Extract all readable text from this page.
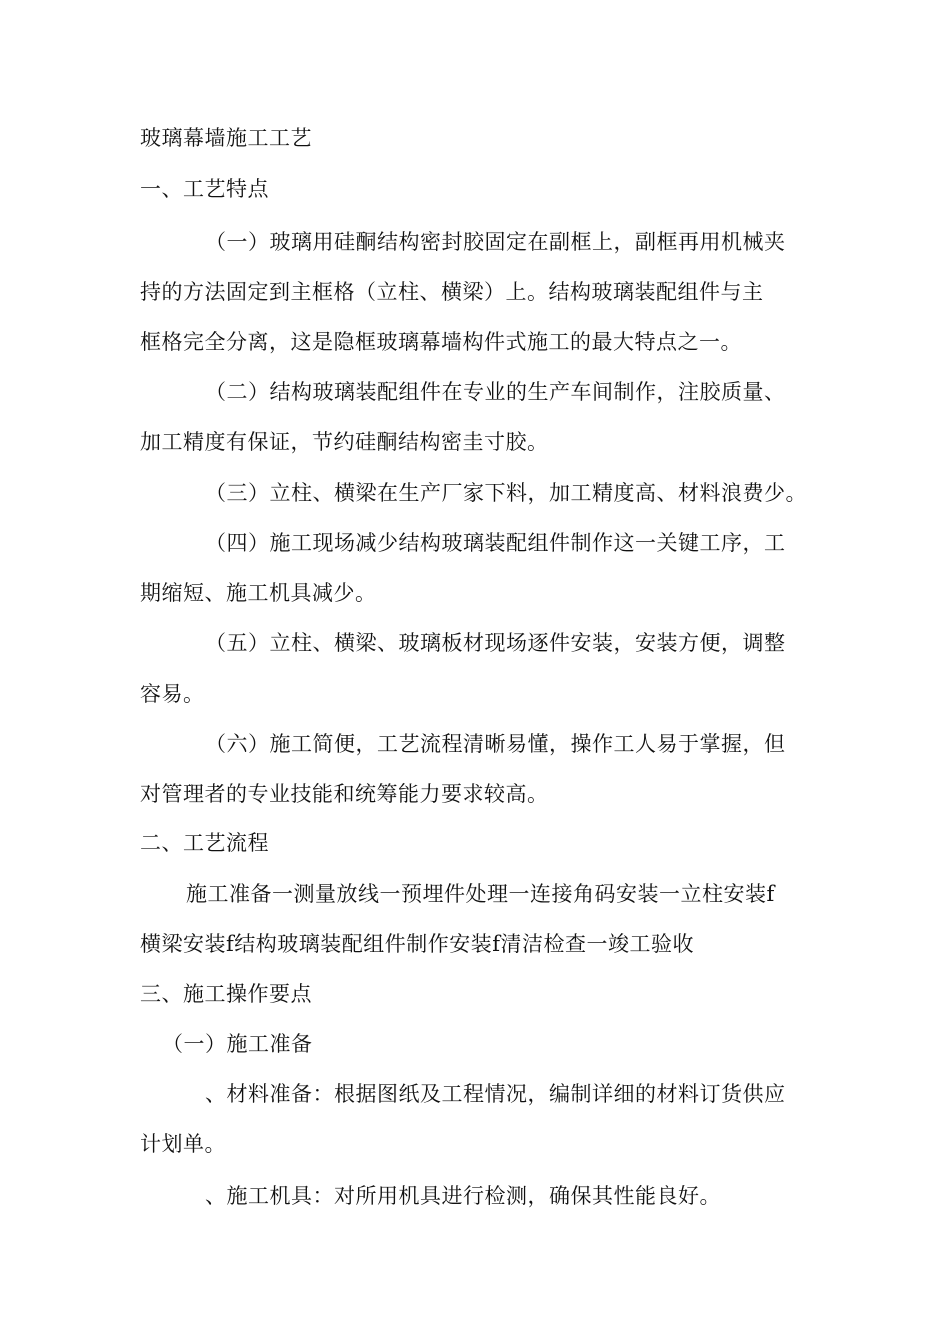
玻璃幕墙施工工艺
一、工艺特点
（一）玻璃用硅酮结构密封胶固定在副框上，副框再用机械夹
持的方法固定到主框格（立柱、横梁）上。结构玻璃装配组件与主
框格完全分离，这是隐框玻璃幕墙构件式施工的最大特点之一。
（二）结构玻璃装配组件在专业的生产车间制作，注胶质量、
加工精度有保证，节约硅酮结构密圭寸胶。
（三）立柱、横梁在生产厂家下料，加工精度高、材料浪费少。
（四）施工现场减少结构玻璃装配组件制作这一关键工序，工
期缩短、施工机具减少。
（五）立柱、横梁、玻璃板材现场逐件安装，安装方便，调整
容易。
（六）施工简便，工艺流程清晰易懂，操作工人易于掌握，但
对管理者的专业技能和统筹能力要求较高。
二、工艺流程
施工准备一测量放线一预埋件处理一连接角码安装一立柱安装f
横梁安装f结构玻璃装配组件制作安装f清洁检查一竣工验收
三、施工操作要点
（一）施工准备
、材料准备：根据图纸及工程情况，编制详细的材料订货供应
计划单。
、施工机具：对所用机具进行检测，确保其性能良好。
